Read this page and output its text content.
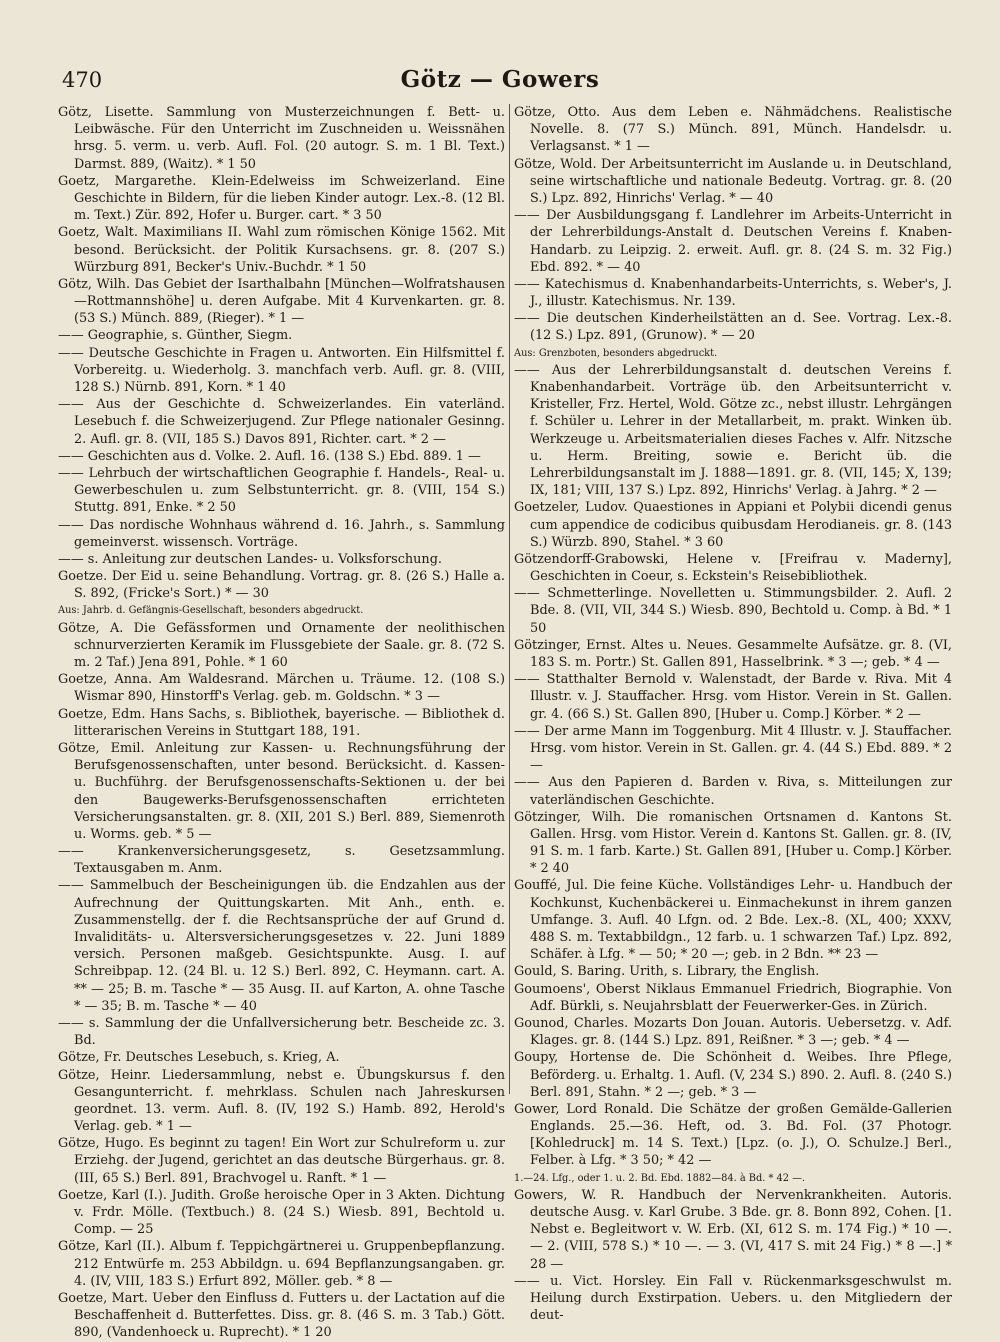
470	Götz — Gowers

Götz, Lisette. Sammlung von Musterzeichnungen f. Bett- u. Leibwäsche. Für den Unterricht im Zuschneiden u. Weissnähen hrsg. 5. verm. u. verb. Aufl. Fol. (20 autogr. S. m. 1 Bl. Text.) Darmst. 889, (Waitz). * 1 50

Goetz, Margarethe. Klein-Edelweiss im Schweizerland. Eine Geschichte in Bildern, für die lieben Kinder autogr. Lex.-8. (12 Bl. m. Text.) Zür. 892, Hofer u. Burger. cart. * 3 50

Goetz, Walt. Maximilians II. Wahl zum römischen Könige 1562. Mit besond. Berücksicht. der Politik Kursachsens. gr. 8. (207 S.) Würzburg 891, Becker's Univ.-Buchdr. * 1 50

Götz, Wilh. Das Gebiet der Isarthalbahn [München—Wolfratshausen—Rottmannshöhe] u. deren Aufgabe. Mit 4 Kurvenkarten. gr. 8. (53 S.) Münch. 889, (Rieger). * 1 —

—— Geographie, s. Günther, Siegm.

—— Deutsche Geschichte in Fragen u. Antworten. Ein Hilfsmittel f. Vorbereitg. u. Wiederholg. 3. manchfach verb. Aufl. gr. 8. (VIII, 128 S.) Nürnb. 891, Korn. * 1 40

—— Aus der Geschichte d. Schweizerlandes. Ein vaterländ. Lesebuch f. die Schweizerjugend. Zur Pflege nationaler Gesinng. 2. Aufl. gr. 8. (VII, 185 S.) Davos 891, Richter. cart. * 2 —

—— Geschichten aus d. Volke. 2. Aufl. 16. (138 S.) Ebd. 889. 1 —

—— Lehrbuch der wirtschaftlichen Geographie f. Handels-, Real- u. Gewerbeschulen u. zum Selbstunterricht. gr. 8. (VIII, 154 S.) Stuttg. 891, Enke. * 2 50

—— Das nordische Wohnhaus während d. 16. Jahrh., s. Sammlung gemeinverst. wissensch. Vorträge.

—— s. Anleitung zur deutschen Landes- u. Volksforschung.

Goetze. Der Eid u. seine Behandlung. Vortrag. gr. 8. (26 S.) Halle a. S. 892, (Fricke's Sort.) * — 30

Aus: Jahrb. d. Gefängnis-Gesellschaft, besonders abgedruckt.

Götze, A. Die Gefässformen und Ornamente der neolithischen schnurverzierten Keramik im Flussgebiete der Saale. gr. 8. (72 S. m. 2 Taf.) Jena 891, Pohle. * 1 60

Goetze, Anna. Am Waldesrand. Märchen u. Träume. 12. (108 S.) Wismar 890, Hinstorff's Verlag. geb. m. Goldschn. * 3 —

Goetze, Edm. Hans Sachs, s. Bibliothek, bayerische. — Bibliothek d. litterarischen Vereins in Stuttgart 188, 191.

Götze, Emil. Anleitung zur Kassen- u. Rechnungsführung der Berufsgenossenschaften, unter besond. Berücksicht. d. Kassen- u. Buchführg. der Berufsgenossenschafts-Sektionen u. der bei den Baugewerks-Berufsgenossenschaften errichteten Versicherungsanstalten. gr. 8. (XII, 201 S.) Berl. 889, Siemenroth u. Worms. geb. * 5 —

—— Krankenversicherungsgesetz, s. Gesetzsammlung. Textausgaben m. Anm.

—— Sammelbuch der Bescheinigungen üb. die Endzahlen aus der Aufrechnung der Quittungskarten. Mit Anh., enth. e. Zusammenstellg. der f. die Rechtsansprüche der auf Grund d. Invaliditäts- u. Altersversicherungsgesetzes v. 22. Juni 1889 versich. Personen maßgeb. Gesichtspunkte. Ausg. I. auf Schreibpap. 12. (24 Bl. u. 12 S.) Berl. 892, C. Heymann. cart. A. ** — 25; B. m. Tasche * — 35 Ausg. II. auf Karton, A. ohne Tasche * — 35; B. m. Tasche * — 40

—— s. Sammlung der die Unfallversicherung betr. Bescheide zc. 3. Bd.

Götze, Fr. Deutsches Lesebuch, s. Krieg, A.

Götze, Heinr. Liedersammlung, nebst e. Übungskursus f. den Gesangunterricht. f. mehrklass. Schulen nach Jahreskursen geordnet. 13. verm. Aufl. 8. (IV, 192 S.) Hamb. 892, Herold's Verlag. geb. * 1 —

Götze, Hugo. Es beginnt zu tagen! Ein Wort zur Schulreform u. zur Erziehg. der Jugend, gerichtet an das deutsche Bürgerhaus. gr. 8. (III, 65 S.) Berl. 891, Brachvogel u. Ranft. * 1 —

Goetze, Karl (I.). Judith. Große heroische Oper in 3 Akten. Dichtung v. Frdr. Mölle. (Textbuch.) 8. (24 S.) Wiesb. 891, Bechtold u. Comp. — 25

Götze, Karl (II.). Album f. Teppichgärtnerei u. Gruppenbepflanzung. 212 Entwürfe m. 253 Abbildgn. u. 694 Bepflanzungsangaben. gr. 4. (IV, VIII, 183 S.) Erfurt 892, Möller. geb. * 8 —

Goetze, Mart. Ueber den Einfluss d. Futters u. der Lactation auf die Beschaffenheit d. Butterfettes. Diss. gr. 8. (46 S. m. 3 Tab.) Gött. 890, (Vandenhoeck u. Ruprecht). * 1 20

Götze, Otto. Aus dem Leben e. Nähmädchens. Realistische Novelle. 8. (77 S.) Münch. 891, Münch. Handelsdr. u. Verlagsanst. * 1 —

Götze, Wold. Der Arbeitsunterricht im Auslande u. in Deutschland, seine wirtschaftliche und nationale Bedeutg. Vortrag. gr. 8. (20 S.) Lpz. 892, Hinrichs' Verlag. * — 40

—— Der Ausbildungsgang f. Landlehrer im Arbeits-Unterricht in der Lehrerbildungs-Anstalt d. Deutschen Vereins f. Knaben-Handarb. zu Leipzig. 2. erweit. Aufl. gr. 8. (24 S. m. 32 Fig.) Ebd. 892. * — 40

—— Katechismus d. Knabenhandarbeits-Unterrichts, s. Weber's, J. J., illustr. Katechismus. Nr. 139.

—— Die deutschen Kinderheilstätten an d. See. Vortrag. Lex.-8. (12 S.) Lpz. 891, (Grunow). * — 20

Aus: Grenzboten, besonders abgedruckt.

—— Aus der Lehrerbildungsanstalt d. deutschen Vereins f. Knabenhandarbeit. Vorträge üb. den Arbeitsunterricht v. Kristeller, Frz. Hertel, Wold. Götze zc., nebst illustr. Lehrgängen f. Schüler u. Lehrer in der Metallarbeit, m. prakt. Winken üb. Werkzeuge u. Arbeitsmaterialien dieses Faches v. Alfr. Nitzsche u. Herm. Breiting, sowie e. Bericht üb. die Lehrerbildungsanstalt im J. 1888—1891. gr. 8. (VII, 145; X, 139; IX, 181; VIII, 137 S.) Lpz. 892, Hinrichs' Verlag. à Jahrg. * 2 —

Goetzeler, Ludov. Quaestiones in Appiani et Polybii dicendi genus cum appendice de codicibus quibusdam Herodianeis. gr. 8. (143 S.) Würzb. 890, Stahel. * 3 60

Götzendorff-Grabowski, Helene v. [Freifrau v. Maderny], Geschichten in Coeur, s. Eckstein's Reisebibliothek.

—— Schmetterlinge. Novelletten u. Stimmungsbilder. 2. Aufl. 2 Bde. 8. (VII, VII, 344 S.) Wiesb. 890, Bechtold u. Comp. à Bd. * 1 50

Götzinger, Ernst. Altes u. Neues. Gesammelte Aufsätze. gr. 8. (VI, 183 S. m. Portr.) St. Gallen 891, Hasselbrink. * 3 —; geb. * 4 —

—— Statthalter Bernold v. Walenstadt, der Barde v. Riva. Mit 4 Illustr. v. J. Stauffacher. Hrsg. vom Histor. Verein in St. Gallen. gr. 4. (66 S.) St. Gallen 890, [Huber u. Comp.] Körber. * 2 —

—— Der arme Mann im Toggenburg. Mit 4 Illustr. v. J. Stauffacher. Hrsg. vom histor. Verein in St. Gallen. gr. 4. (44 S.) Ebd. 889. * 2 —

—— Aus den Papieren d. Barden v. Riva, s. Mitteilungen zur vaterländischen Geschichte.

Götzinger, Wilh. Die romanischen Ortsnamen d. Kantons St. Gallen. Hrsg. vom Histor. Verein d. Kantons St. Gallen. gr. 8. (IV, 91 S. m. 1 farb. Karte.) St. Gallen 891, [Huber u. Comp.] Körber. * 2 40

Gouffé, Jul. Die feine Küche. Vollständiges Lehr- u. Handbuch der Kochkunst, Kuchenbäckerei u. Einmachekunst in ihrem ganzen Umfange. 3. Aufl. 40 Lfgn. od. 2 Bde. Lex.-8. (XL, 400; XXXV, 488 S. m. Textabbildgn., 12 farb. u. 1 schwarzen Taf.) Lpz. 892, Schäfer. à Lfg. * — 50; * 20 —; geb. in 2 Bdn. ** 23 —

Gould, S. Baring. Urith, s. Library, the English.

Goumoens', Oberst Niklaus Emmanuel Friedrich, Biographie. Von Adf. Bürkli, s. Neujahrsblatt der Feuerwerker-Ges. in Zürich.

Gounod, Charles. Mozarts Don Jouan. Autoris. Uebersetzg. v. Adf. Klages. gr. 8. (144 S.) Lpz. 891, Reißner. * 3 —; geb. * 4 —

Goupy, Hortense de. Die Schönheit d. Weibes. Ihre Pflege, Beförderg. u. Erhaltg. 1. Aufl. (V, 234 S.) 890. 2. Aufl. 8. (240 S.) Berl. 891, Stahn. * 2 —; geb. * 3 —

Gower, Lord Ronald. Die Schätze der großen Gemälde-Gallerien Englands. 25.—36. Heft, od. 3. Bd. Fol. (37 Photogr. [Kohledruck] m. 14 S. Text.) [Lpz. (o. J.), O. Schulze.] Berl., Felber. à Lfg. * 3 50; * 42 —

1.—24. Lfg., oder 1. u. 2. Bd. Ebd. 1882—84. à Bd. * 42 —.

Gowers, W. R. Handbuch der Nervenkrankheiten. Autoris. deutsche Ausg. v. Karl Grube. 3 Bde. gr. 8. Bonn 892, Cohen. [1. Nebst e. Begleitwort v. W. Erb. (XI, 612 S. m. 174 Fig.) * 10 —. — 2. (VIII, 578 S.) * 10 —. — 3. (VI, 417 S. mit 24 Fig.) * 8 —.] * 28 —

—— u. Vict. Horsley. Ein Fall v. Rückenmarksgeschwulst m. Heilung durch Exstirpation. Uebers. u. den Mitgliedern der deut-
